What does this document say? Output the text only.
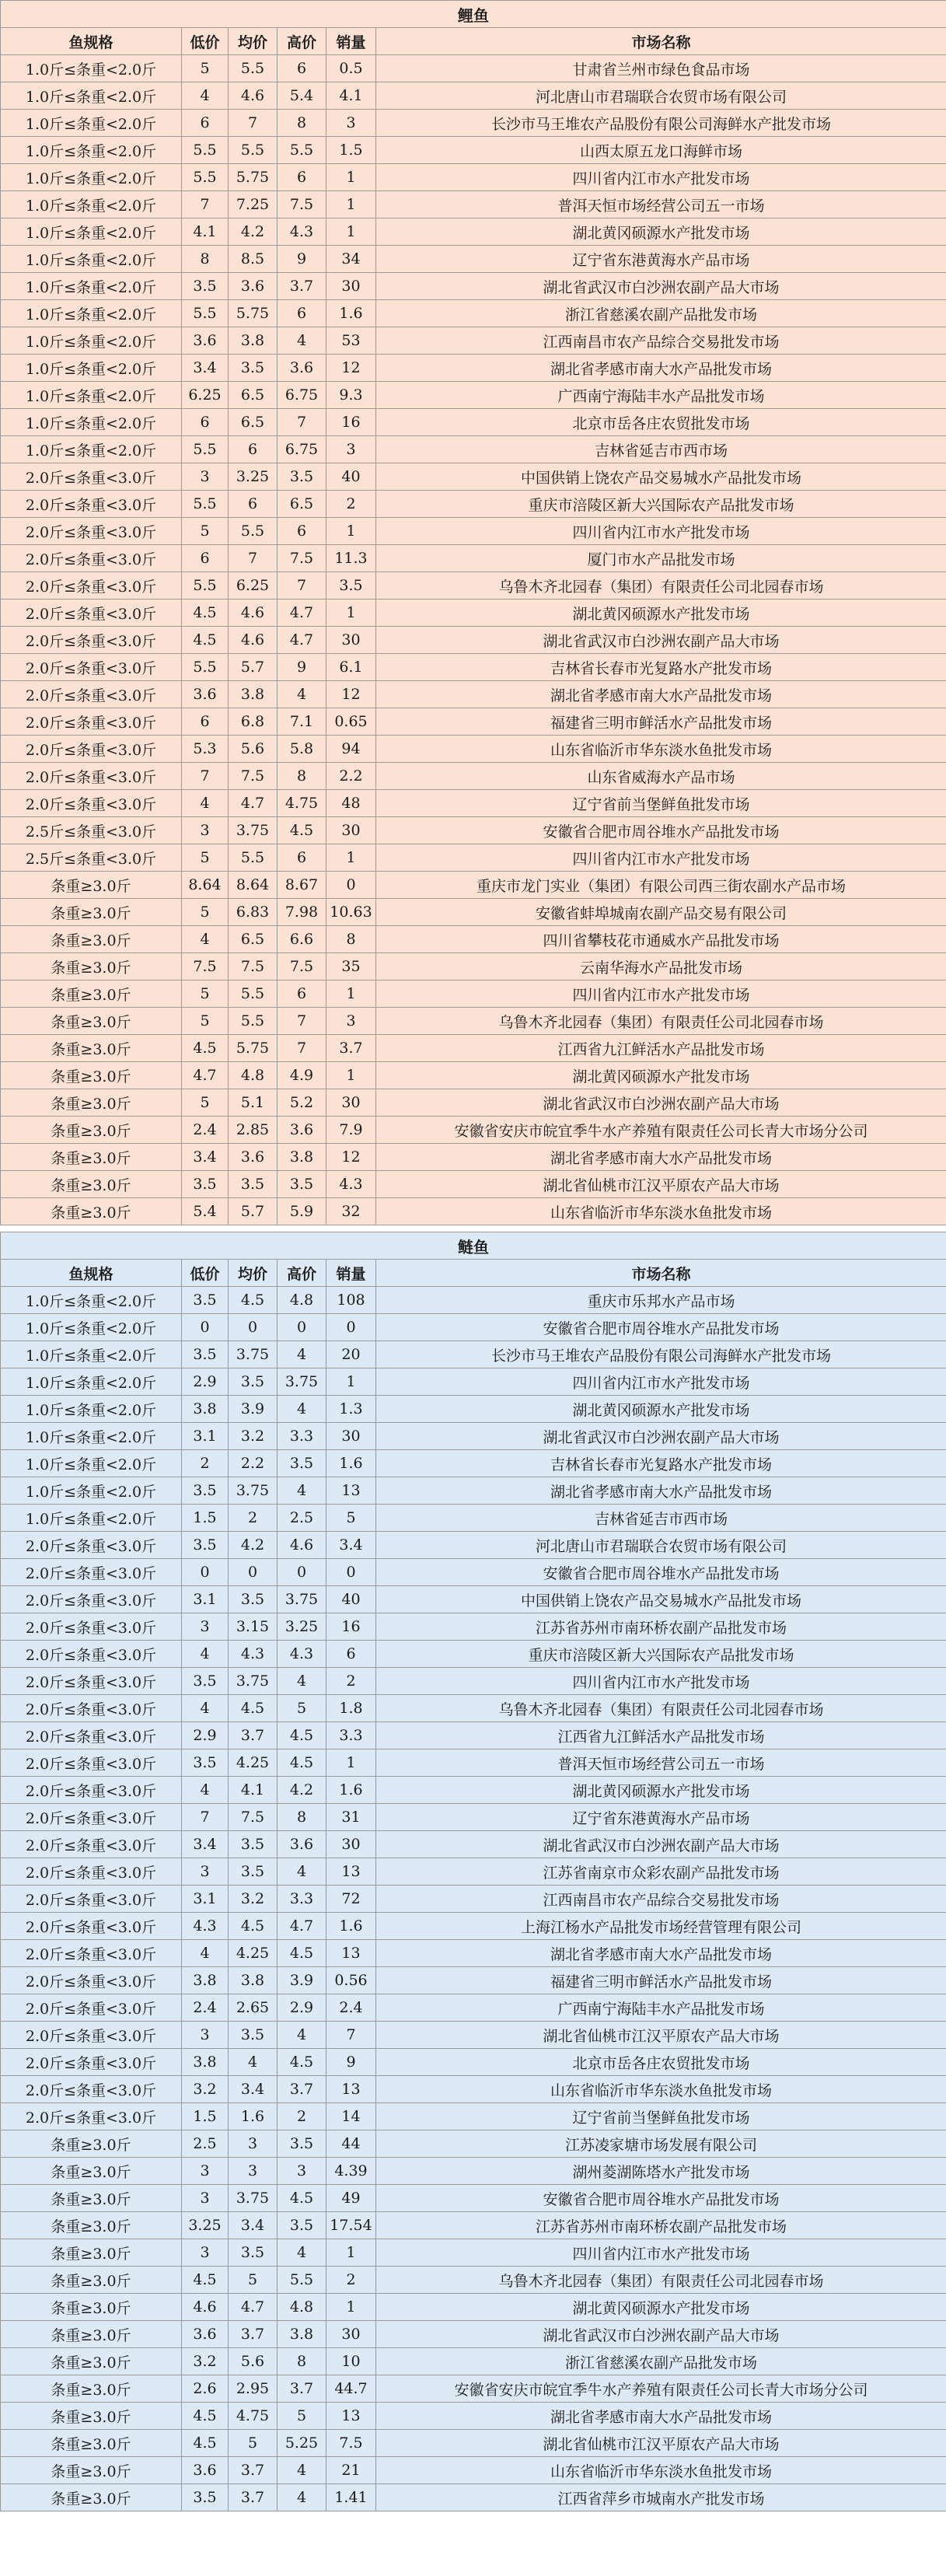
鲤鱼					
鱼规格	低价	均价	高价	销量	市场名称
1.0斤≤条重<2.0斤	5	5.5	6	0.5	甘肃省兰州市绿色食品市场
1.0斤≤条重<2.0斤	4	4.6	5.4	4.1	河北唐山市君瑞联合农贸市场有限公司
1.0斤≤条重<2.0斤	6	7	8	3	长沙市马王堆农产品股份有限公司海鲜水产批发市场
1.0斤≤条重<2.0斤	5.5	5.5	5.5	1.5	山西太原五龙口海鲜市场
1.0斤≤条重<2.0斤	5.5	5.75	6	1	四川省内江市水产批发市场
1.0斤≤条重<2.0斤	7	7.25	7.5	1	普洱天恒市场经营公司五一市场
1.0斤≤条重<2.0斤	4.1	4.2	4.3	1	湖北黄冈硕源水产批发市场
1.0斤≤条重<2.0斤	8	8.5	9	34	辽宁省东港黄海水产品市场
1.0斤≤条重<2.0斤	3.5	3.6	3.7	30	湖北省武汉市白沙洲农副产品大市场
1.0斤≤条重<2.0斤	5.5	5.75	6	1.6	浙江省慈溪农副产品批发市场
1.0斤≤条重<2.0斤	3.6	3.8	4	53	江西南昌市农产品综合交易批发市场
1.0斤≤条重<2.0斤	3.4	3.5	3.6	12	湖北省孝感市南大水产品批发市场
1.0斤≤条重<2.0斤	6.25	6.5	6.75	9.3	广西南宁海陆丰水产品批发市场
1.0斤≤条重<2.0斤	6	6.5	7	16	北京市岳各庄农贸批发市场
1.0斤≤条重<2.0斤	5.5	6	6.75	3	吉林省延吉市西市场
2.0斤≤条重<3.0斤	3	3.25	3.5	40	中国供销上饶农产品交易城水产品批发市场
2.0斤≤条重<3.0斤	5.5	6	6.5	2	重庆市涪陵区新大兴国际农产品批发市场
2.0斤≤条重<3.0斤	5	5.5	6	1	四川省内江市水产批发市场
2.0斤≤条重<3.0斤	6	7	7.5	11.3	厦门市水产品批发市场
2.0斤≤条重<3.0斤	5.5	6.25	7	3.5	乌鲁木齐北园春（集团）有限责任公司北园春市场
2.0斤≤条重<3.0斤	4.5	4.6	4.7	1	湖北黄冈硕源水产批发市场
2.0斤≤条重<3.0斤	4.5	4.6	4.7	30	湖北省武汉市白沙洲农副产品大市场
2.0斤≤条重<3.0斤	5.5	5.7	9	6.1	吉林省长春市光复路水产批发市场
2.0斤≤条重<3.0斤	3.6	3.8	4	12	湖北省孝感市南大水产品批发市场
2.0斤≤条重<3.0斤	6	6.8	7.1	0.65	福建省三明市鲜活水产品批发市场
2.0斤≤条重<3.0斤	5.3	5.6	5.8	94	山东省临沂市华东淡水鱼批发市场
2.0斤≤条重<3.0斤	7	7.5	8	2.2	山东省威海水产品市场
2.0斤≤条重<3.0斤	4	4.7	4.75	48	辽宁省前当堡鲜鱼批发市场
2.5斤≤条重<3.0斤	3	3.75	4.5	30	安徽省合肥市周谷堆水产品批发市场
2.5斤≤条重<3.0斤	5	5.5	6	1	四川省内江市水产批发市场
条重≥3.0斤	8.64	8.64	8.67	0	重庆市龙门实业（集团）有限公司西三街农副水产品市场
条重≥3.0斤	5	6.83	7.98	10.63	安徽省蚌埠城南农副产品交易有限公司
条重≥3.0斤	4	6.5	6.6	8	四川省攀枝花市通威水产品批发市场
条重≥3.0斤	7.5	7.5	7.5	35	云南华海水产品批发市场
条重≥3.0斤	5	5.5	6	1	四川省内江市水产批发市场
条重≥3.0斤	5	5.5	7	3	乌鲁木齐北园春（集团）有限责任公司北园春市场
条重≥3.0斤	4.5	5.75	7	3.7	江西省九江鲜活水产品批发市场
条重≥3.0斤	4.7	4.8	4.9	1	湖北黄冈硕源水产批发市场
条重≥3.0斤	5	5.1	5.2	30	湖北省武汉市白沙洲农副产品大市场
条重≥3.0斤	2.4	2.85	3.6	7.9	安徽省安庆市皖宜季牛水产养殖有限责任公司长青大市场分公司
条重≥3.0斤	3.4	3.6	3.8	12	湖北省孝感市南大水产品批发市场
条重≥3.0斤	3.5	3.5	3.5	4.3	湖北省仙桃市江汉平原农产品大市场
条重≥3.0斤	5.4	5.7	5.9	32	山东省临沂市华东淡水鱼批发市场

鲢鱼					
鱼规格	低价	均价	高价	销量	市场名称
1.0斤≤条重<2.0斤	3.5	4.5	4.8	108	重庆市乐邦水产品市场
1.0斤≤条重<2.0斤	0	0	0	0	安徽省合肥市周谷堆水产品批发市场
1.0斤≤条重<2.0斤	3.5	3.75	4	20	长沙市马王堆农产品股份有限公司海鲜水产批发市场
1.0斤≤条重<2.0斤	2.9	3.5	3.75	1	四川省内江市水产批发市场
1.0斤≤条重<2.0斤	3.8	3.9	4	1.3	湖北黄冈硕源水产批发市场
1.0斤≤条重<2.0斤	3.1	3.2	3.3	30	湖北省武汉市白沙洲农副产品大市场
1.0斤≤条重<2.0斤	2	2.2	3.5	1.6	吉林省长春市光复路水产批发市场
1.0斤≤条重<2.0斤	3.5	3.75	4	13	湖北省孝感市南大水产品批发市场
1.0斤≤条重<2.0斤	1.5	2	2.5	5	吉林省延吉市西市场
2.0斤≤条重<3.0斤	3.5	4.2	4.6	3.4	河北唐山市君瑞联合农贸市场有限公司
2.0斤≤条重<3.0斤	0	0	0	0	安徽省合肥市周谷堆水产品批发市场
2.0斤≤条重<3.0斤	3.1	3.5	3.75	40	中国供销上饶农产品交易城水产品批发市场
2.0斤≤条重<3.0斤	3	3.15	3.25	16	江苏省苏州市南环桥农副产品批发市场
2.0斤≤条重<3.0斤	4	4.3	4.3	6	重庆市涪陵区新大兴国际农产品批发市场
2.0斤≤条重<3.0斤	3.5	3.75	4	2	四川省内江市水产批发市场
2.0斤≤条重<3.0斤	4	4.5	5	1.8	乌鲁木齐北园春（集团）有限责任公司北园春市场
2.0斤≤条重<3.0斤	2.9	3.7	4.5	3.3	江西省九江鲜活水产品批发市场
2.0斤≤条重<3.0斤	3.5	4.25	4.5	1	普洱天恒市场经营公司五一市场
2.0斤≤条重<3.0斤	4	4.1	4.2	1.6	湖北黄冈硕源水产批发市场
2.0斤≤条重<3.0斤	7	7.5	8	31	辽宁省东港黄海水产品市场
2.0斤≤条重<3.0斤	3.4	3.5	3.6	30	湖北省武汉市白沙洲农副产品大市场
2.0斤≤条重<3.0斤	3	3.5	4	13	江苏省南京市众彩农副产品批发市场
2.0斤≤条重<3.0斤	3.1	3.2	3.3	72	江西南昌市农产品综合交易批发市场
2.0斤≤条重<3.0斤	4.3	4.5	4.7	1.6	上海江杨水产品批发市场经营管理有限公司
2.0斤≤条重<3.0斤	4	4.25	4.5	13	湖北省孝感市南大水产品批发市场
2.0斤≤条重<3.0斤	3.8	3.8	3.9	0.56	福建省三明市鲜活水产品批发市场
2.0斤≤条重<3.0斤	2.4	2.65	2.9	2.4	广西南宁海陆丰水产品批发市场
2.0斤≤条重<3.0斤	3	3.5	4	7	湖北省仙桃市江汉平原农产品大市场
2.0斤≤条重<3.0斤	3.8	4	4.5	9	北京市岳各庄农贸批发市场
2.0斤≤条重<3.0斤	3.2	3.4	3.7	13	山东省临沂市华东淡水鱼批发市场
2.0斤≤条重<3.0斤	1.5	1.6	2	14	辽宁省前当堡鲜鱼批发市场
条重≥3.0斤	2.5	3	3.5	44	江苏凌家塘市场发展有限公司
条重≥3.0斤	3	3	3	4.39	湖州菱湖陈塔水产批发市场
条重≥3.0斤	3	3.75	4.5	49	安徽省合肥市周谷堆水产品批发市场
条重≥3.0斤	3.25	3.4	3.5	17.54	江苏省苏州市南环桥农副产品批发市场
条重≥3.0斤	3	3.5	4	1	四川省内江市水产批发市场
条重≥3.0斤	4.5	5	5.5	2	乌鲁木齐北园春（集团）有限责任公司北园春市场
条重≥3.0斤	4.6	4.7	4.8	1	湖北黄冈硕源水产批发市场
条重≥3.0斤	3.6	3.7	3.8	30	湖北省武汉市白沙洲农副产品大市场
条重≥3.0斤	3.2	5.6	8	10	浙江省慈溪农副产品批发市场
条重≥3.0斤	2.6	2.95	3.7	44.7	安徽省安庆市皖宜季牛水产养殖有限责任公司长青大市场分公司
条重≥3.0斤	4.5	4.75	5	13	湖北省孝感市南大水产品批发市场
条重≥3.0斤	4.5	5	5.25	7.5	湖北省仙桃市江汉平原农产品大市场
条重≥3.0斤	3.6	3.7	4	21	山东省临沂市华东淡水鱼批发市场
条重≥3.0斤	3.5	3.7	4	1.41	江西省萍乡市城南水产批发市场
